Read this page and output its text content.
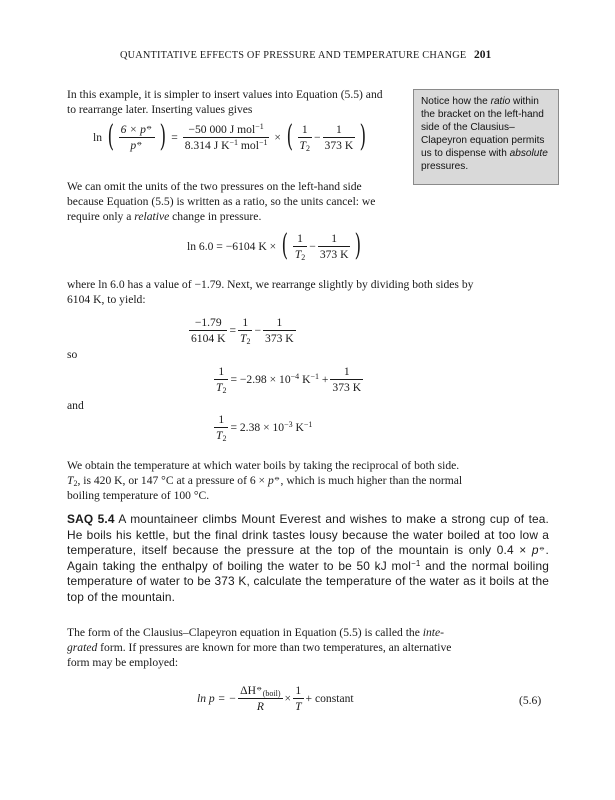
QUANTITATIVE EFFECTS OF PRESSURE AND TEMPERATURE CHANGE 201
In this example, it is simpler to insert values into Equation (5.5) and
to rearrange later. Inserting values gives
Notice how the ratio within the bracket on the left-hand side of the Clausius–Clapeyron equation permits us to dispense with absolute pressures.
ln ( $\frac{6 \times p^⦵}{p^⦵}$ ) = $\frac{-50 000 J mol^{-1}}{8.314 J K^{-1} mol^{-1}}$ × ( $\frac{1}{T_2} - \frac{1}{373 K}$ )
We can omit the units of the two pressures on the left-hand side
because Equation (5.5) is written as a ratio, so the units cancel: we
require only a relative change in pressure.
ln 6.0 = −6104 K × ( $\frac{1}{T_2} - \frac{1}{373 K}$ )
where ln 6.0 has a value of −1.79. Next, we rearrange slightly by dividing both sides by
6104 K, to yield:
$\frac{-1.79}{6104 K} = \frac{1}{T_2} - \frac{1}{373 K}$
so
$\frac{1}{T_2} = -2.98 \times 10^{-4}$ $K^{-1} + \frac{1}{373 K}$
and
$\frac{1}{T_2} = 2.38 \times 10^{-3}$ $K^{-1}$
We obtain the temperature at which water boils by taking the reciprocal of both side.
$T_2$, is 420 K, or 147 °C at a pressure of 6 × p⦵, which is much higher than the normal
boiling temperature of 100 °C.
SAQ 5.4 A mountaineer climbs Mount Everest and wishes to make a strong cup of tea. He boils his kettle, but the final drink tastes lousy because the water boiled at too low a temperature, itself because the pressure at the top of the mountain is only 0.4 × p⦵. Again taking the enthalpy of boiling the water to be 50 kJ mol$^{-1}$ and the normal boiling temperature of water to be 373 K, calculate the temperature of the water as it boils at the top of the mountain.
The form of the Clausius–Clapeyron equation in Equation (5.5) is called the inte-
grated form. If pressures are known for more than two temperatures, an alternative
form may be employed:
ln p = − $\frac{\Delta H^⦵_{(boil)}}{R} \times \frac{1}{T}$ + constant	(5.6)
